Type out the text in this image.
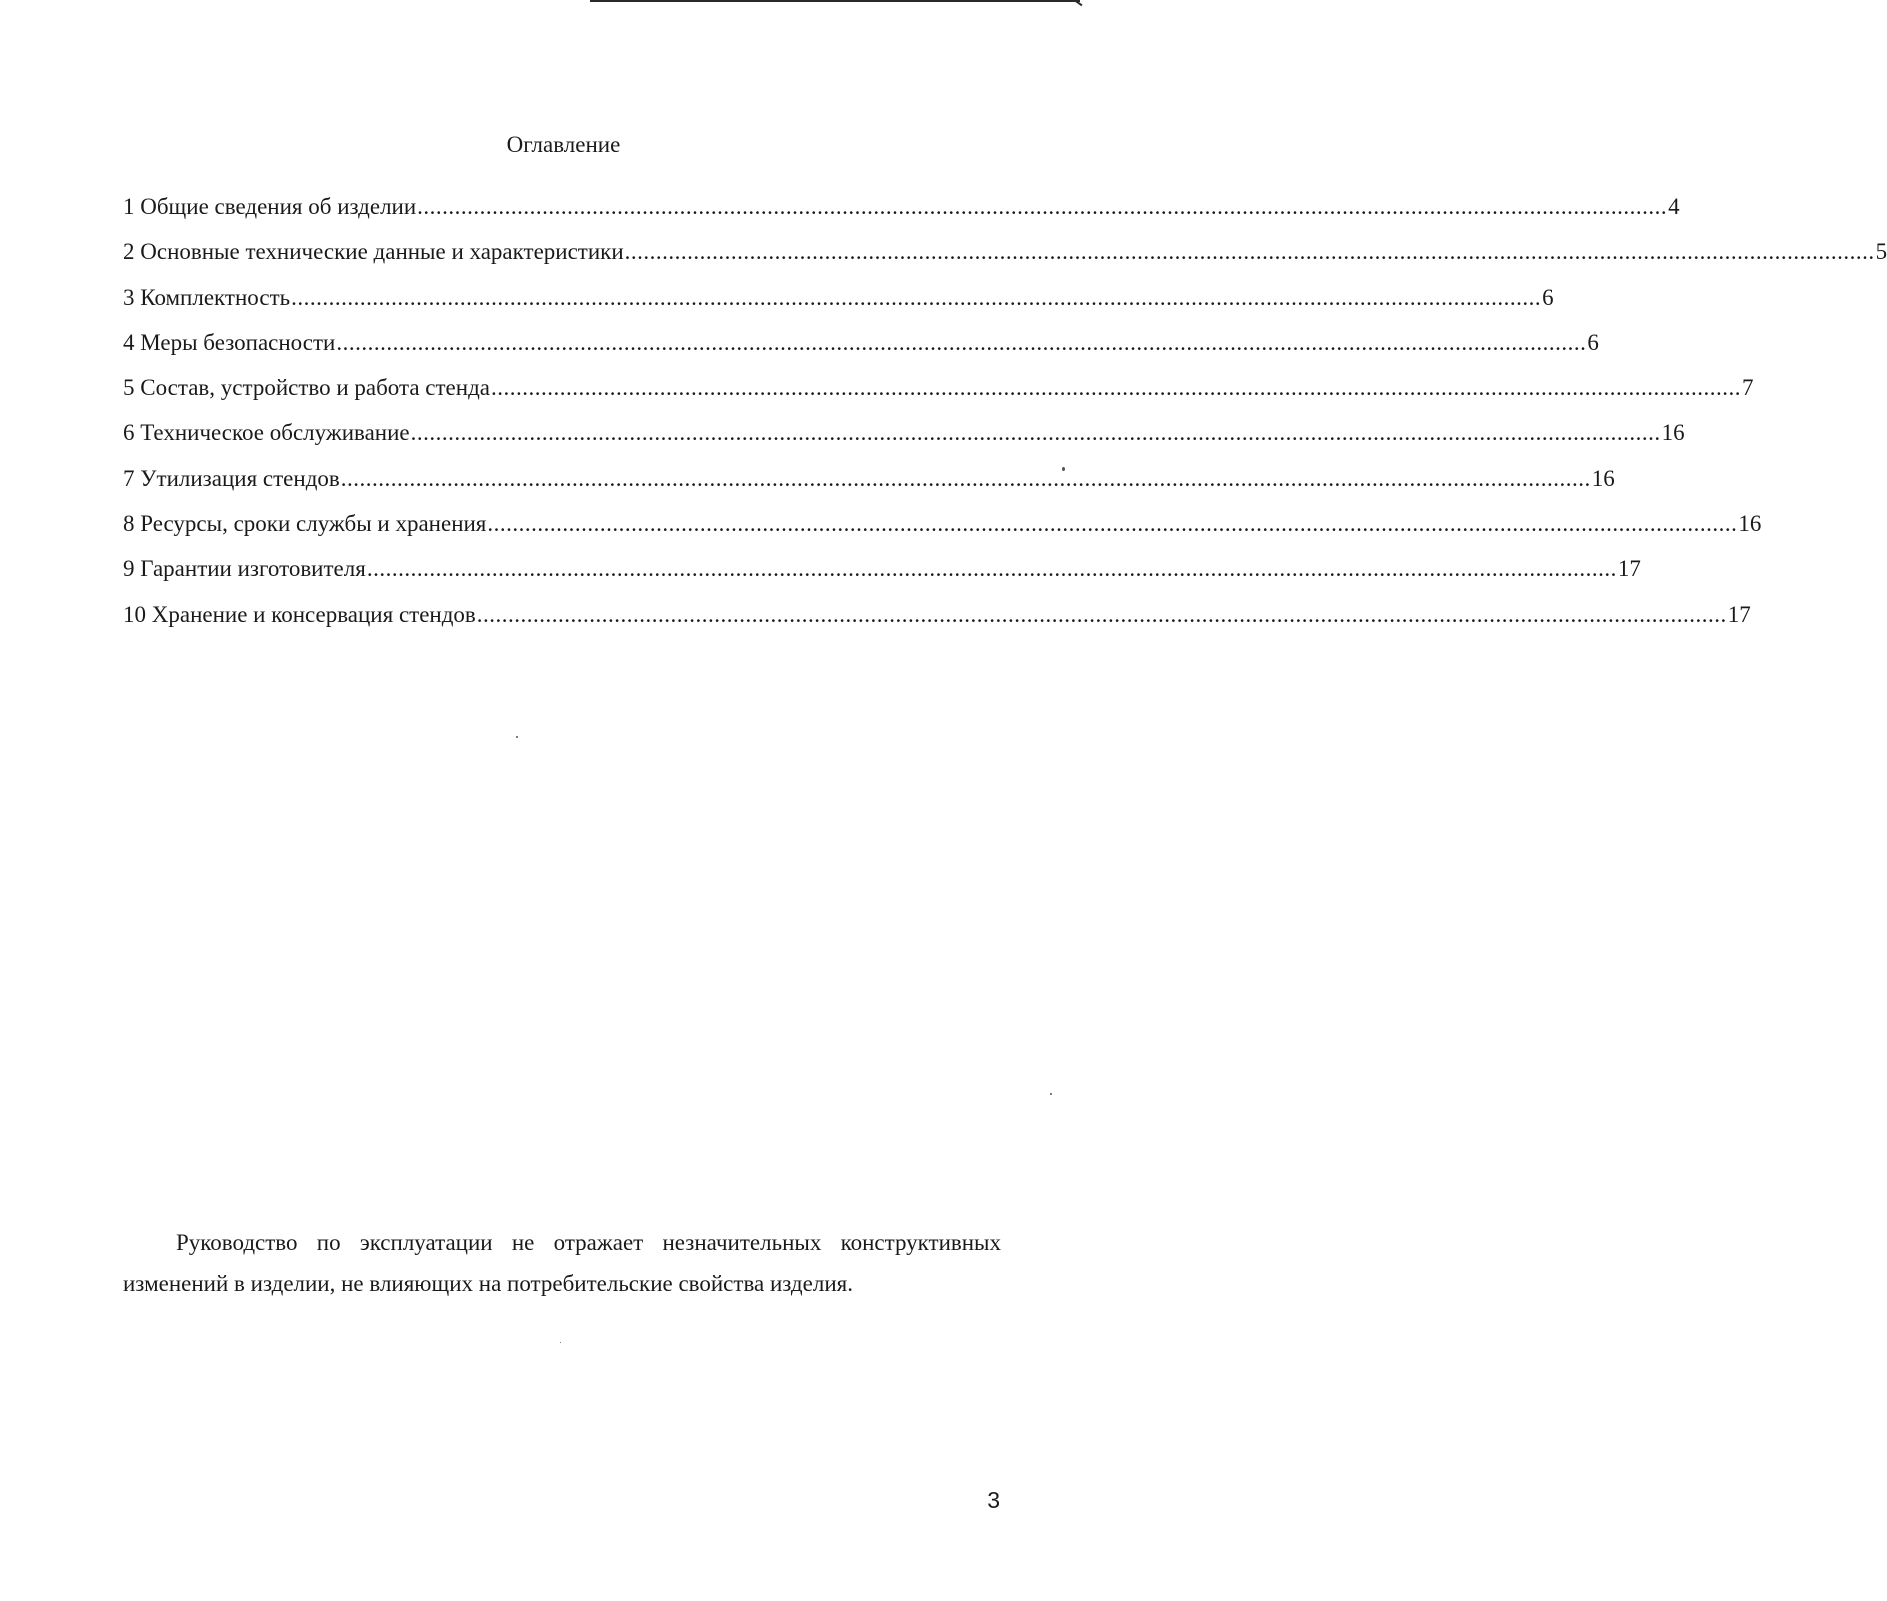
Оглавление
1 Общие сведения об изделии ........................................................................................................................................................................................................ 4
2 Основные технические данные и характеристики ........................................................................................................................................................................................................ 5
3 Комплектность ........................................................................................................................................................................................................ 6
4 Меры безопасности ........................................................................................................................................................................................................ 6
5 Состав, устройство и работа стенда ........................................................................................................................................................................................................ 7
6 Техническое обслуживание ........................................................................................................................................................................................................ 16
7 Утилизация стендов ........................................................................................................................................................................................................ 16
8 Ресурсы, сроки службы и хранения ........................................................................................................................................................................................................ 16
9 Гарантии изготовителя ........................................................................................................................................................................................................ 17
10 Хранение и консервация стендов ........................................................................................................................................................................................................ 17

Руководство по эксплуатации не отражает незначительных конструктивных изменений в изделии, не влияющих на потребительские свойства изделия.

3
